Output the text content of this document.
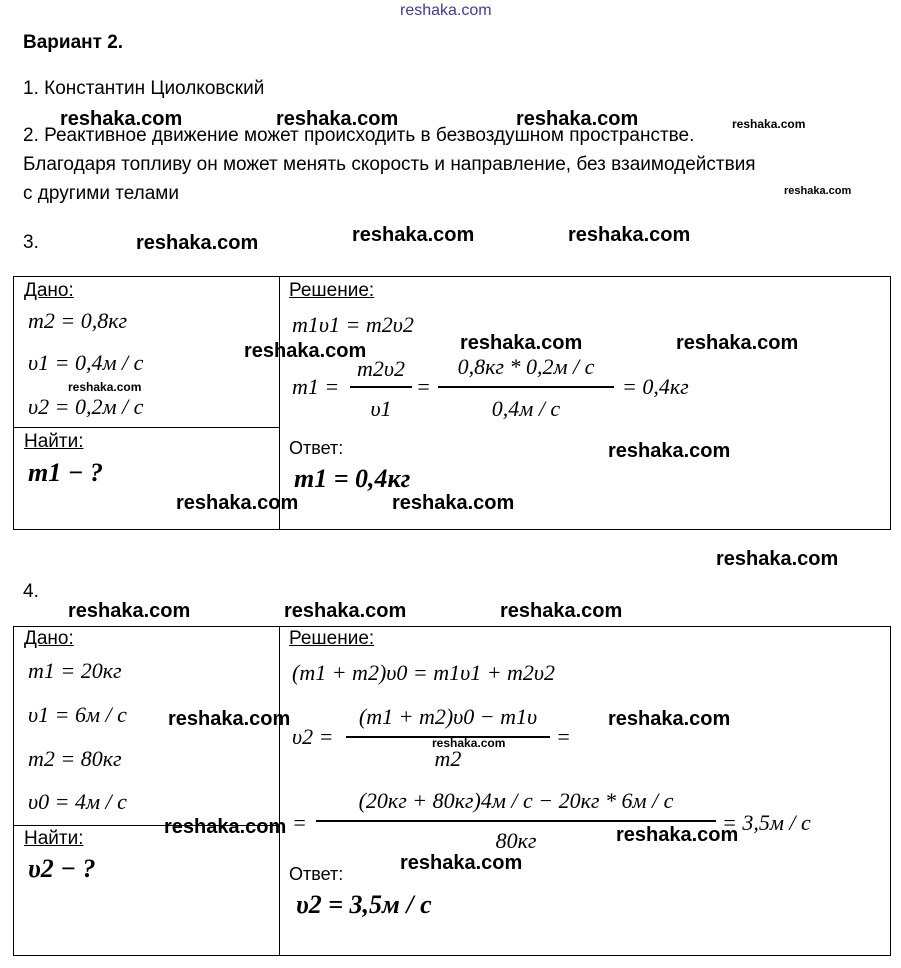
reshaka.com
Вариант 2.
1. Константин Циолковский
2. Реактивное движение может происходить в безвоздушном пространстве.
Благодаря топливу он может менять скорость и направление, без взаимодействия
с другими телами
3.
Дано:
m2 = 0,8кг
υ1 = 0,4м / с
υ2 = 0,2м / с
Найти:
m1 − ?
Решение:
m1υ1 = m2υ2
m1 =
m2υ2
υ1
=
0,8кг * 0,2м / с
0,4м / с
= 0,4кг
Ответ:
m1 = 0,4кг
4.
Дано:
m1 = 20кг
υ1 = 6м / с
m2 = 80кг
υ0 = 4м / с
Найти:
υ2 − ?
Решение:
(m1 + m2)υ0 = m1υ1 + m2υ2
υ2 =
(m1 + m2)υ0 − m1υ
m2
=
=
(20кг + 80кг)4м / с − 20кг * 6м / с
80кг
= 3,5м / с
Ответ:
υ2 = 3,5м / с
reshaka.com	reshaka.com	reshaka.com	reshaka.com
reshaka.com
reshaka.com	reshaka.com	reshaka.com
reshaka.com	reshaka.com	reshaka.com
reshaka.com
reshaka.com
reshaka.com	reshaka.com
reshaka.com
reshaka.com	reshaka.com	reshaka.com
reshaka.com	reshaka.com
reshaka.com
reshaka.com	reshaka.com
reshaka.com
